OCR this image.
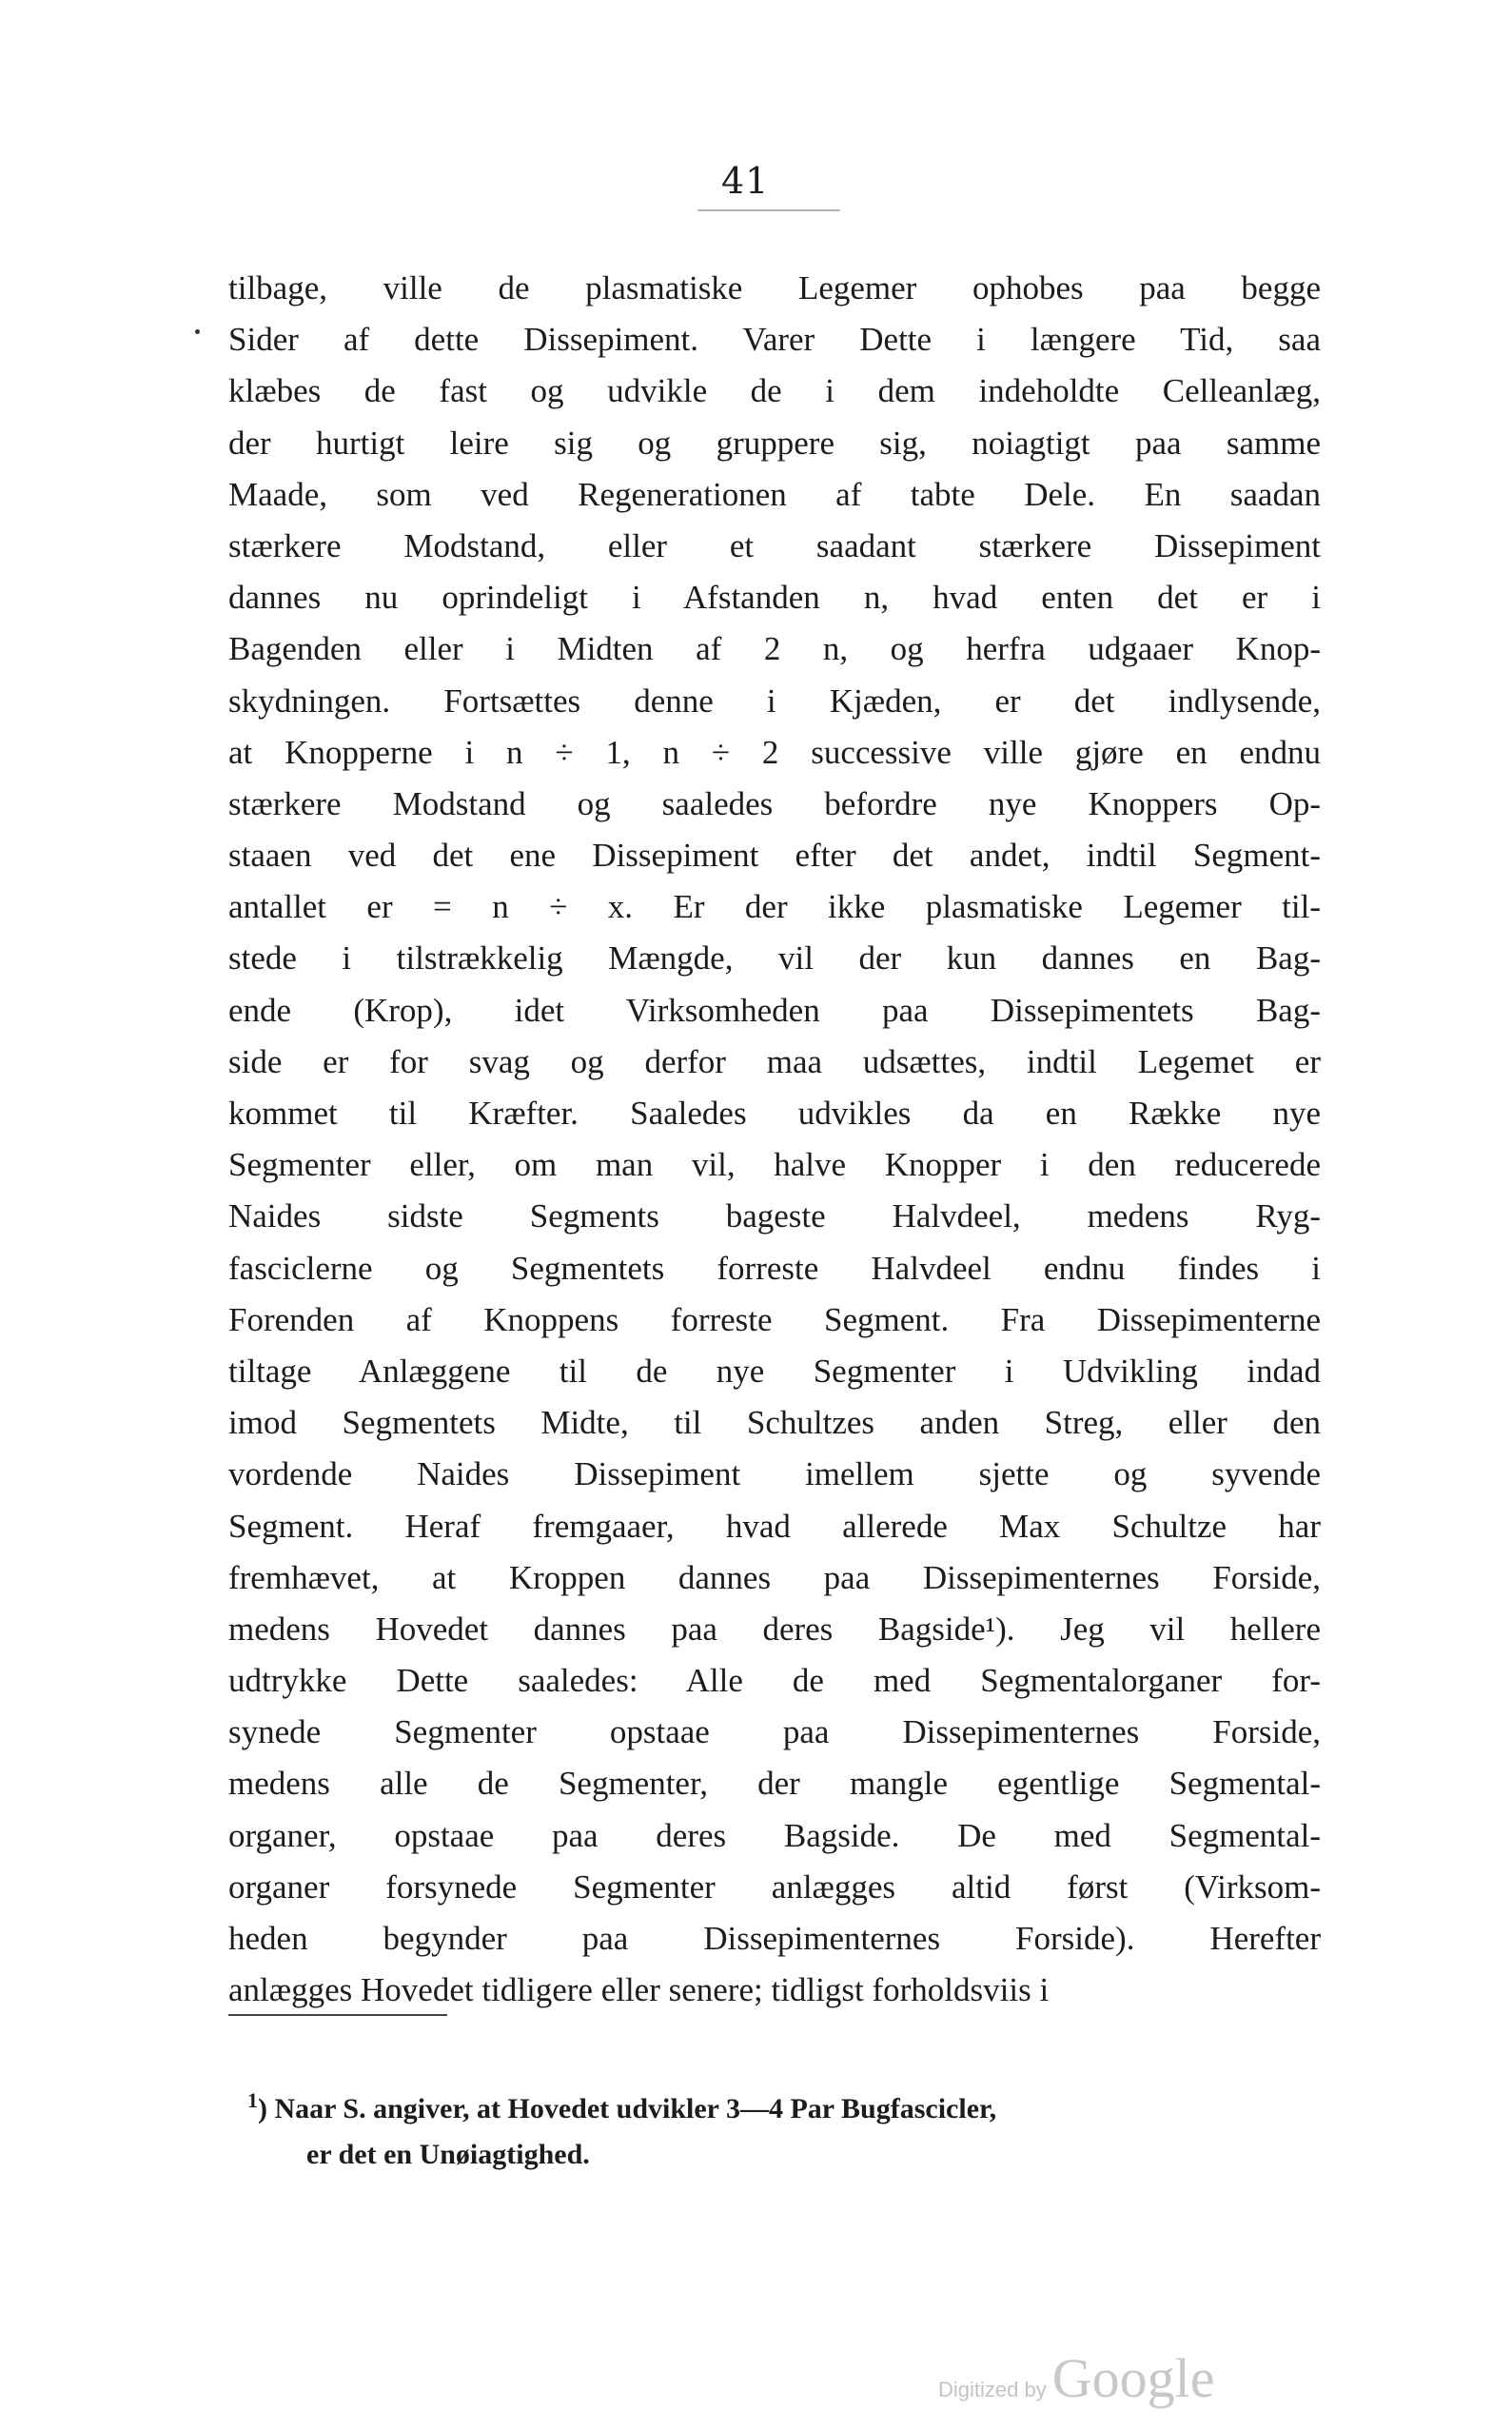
41
tilbage, ville de plasmatiske Legemer ophobes paa begge
Sider af dette Dissepiment. Varer Dette i længere Tid, saa
klæbes de fast og udvikle de i dem indeholdte Celleanlæg,
der hurtigt leire sig og gruppere sig, noiagtigt paa samme
Maade, som ved Regenerationen af tabte Dele. En saadan
stærkere Modstand, eller et saadant stærkere Dissepiment
dannes nu oprindeligt i Afstanden n, hvad enten det er i
Bagenden eller i Midten af 2 n, og herfra udgaaer Knop-
skydningen. Fortsættes denne i Kjæden, er det indlysende,
at Knopperne i n ÷ 1, n ÷ 2 successive ville gjøre en endnu
stærkere Modstand og saaledes befordre nye Knoppers Op-
staaen ved det ene Dissepiment efter det andet, indtil Segment-
antallet er = n ÷ x. Er der ikke plasmatiske Legemer til-
stede i tilstrækkelig Mængde, vil der kun dannes en Bag-
ende (Krop), idet Virksomheden paa Dissepimentets Bag-
side er for svag og derfor maa udsættes, indtil Legemet er
kommet til Kræfter. Saaledes udvikles da en Række nye
Segmenter eller, om man vil, halve Knopper i den reducerede
Naides sidste Segments bageste Halvdeel, medens Ryg-
fasciclerne og Segmentets forreste Halvdeel endnu findes i
Forenden af Knoppens forreste Segment. Fra Dissepimenterne
tiltage Anlæggene til de nye Segmenter i Udvikling indad
imod Segmentets Midte, til Schultzes anden Streg, eller den
vordende Naides Dissepiment imellem sjette og syvende
Segment. Heraf fremgaaer, hvad allerede Max Schultze har
fremhævet, at Kroppen dannes paa Dissepimenternes Forside,
medens Hovedet dannes paa deres Bagside¹). Jeg vil hellere
udtrykke Dette saaledes: Alle de med Segmentalorganer for-
synede Segmenter opstaae paa Dissepimenternes Forside,
medens alle de Segmenter, der mangle egentlige Segmental-
organer, opstaae paa deres Bagside. De med Segmental-
organer forsynede Segmenter anlægges altid først (Virksom-
heden begynder paa Dissepimenternes Forside). Herefter
anlægges Hovedet tidligere eller senere; tidligst forholdsviis i
$^1$) Naar S. angiver, at Hovedet udvikler 3—4 Par Bugfascicler,
er det en Unøiagtighed.
Digitized by Google
